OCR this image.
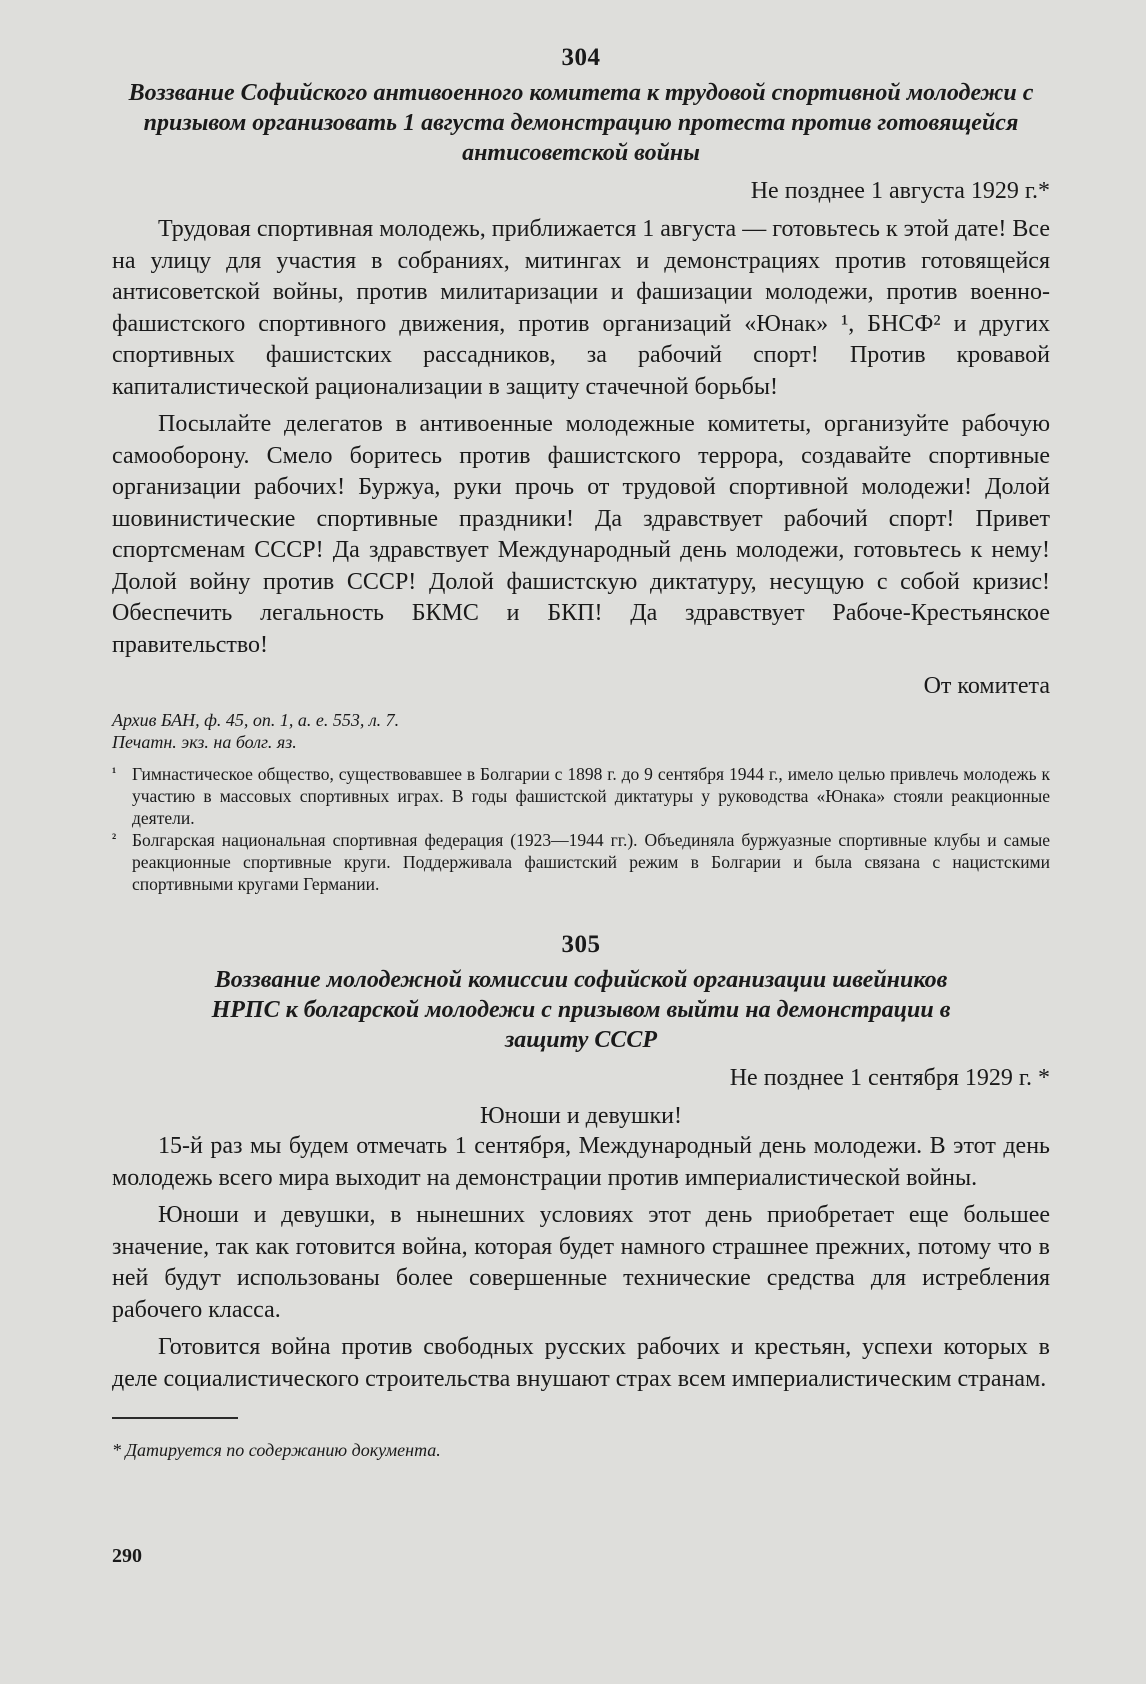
304

Воззвание Софийского антивоенного комитета к трудовой спортивной молодежи с призывом организовать 1 августа демонстрацию протеста против готовящейся антисоветской войны

Не позднее 1 августа 1929 г.*

Трудовая спортивная молодежь, приближается 1 августа — готовьтесь к этой дате! Все на улицу для участия в собраниях, митингах и демонстрациях против готовящейся антисоветской войны, против милитаризации и фашизации молодежи, против военно-фашистского спортивного движения, против организаций «Юнак» ¹, БНСФ² и других спортивных фашистских рассадников, за рабочий спорт! Против кровавой капиталистической рационализации в защиту стачечной борьбы!

Посылайте делегатов в антивоенные молодежные комитеты, организуйте рабочую самооборону. Смело боритесь против фашистского террора, создавайте спортивные организации рабочих! Буржуа, руки прочь от трудовой спортивной молодежи! Долой шовинистические спортивные праздники! Да здравствует рабочий спорт! Привет спортсменам СССР! Да здравствует Международный день молодежи, готовьтесь к нему! Долой войну против СССР! Долой фашистскую диктатуру, несущую с собой кризис! Обеспечить легальность БКМС и БКП! Да здравствует Рабоче-Крестьянское правительство!

От комитета

Архив БАН, ф. 45, оп. 1, а. е. 553, л. 7.

Печатн. экз. на болг. яз.

¹ Гимнастическое общество, существовавшее в Болгарии с 1898 г. до 9 сентября 1944 г., имело целью привлечь молодежь к участию в массовых спортивных играх. В годы фашистской диктатуры у руководства «Юнака» стояли реакционные деятели.

² Болгарская национальная спортивная федерация (1923—1944 гг.). Объединяла буржуазные спортивные клубы и самые реакционные спортивные круги. Поддерживала фашистский режим в Болгарии и была связана с нацистскими спортивными кругами Германии.

305

Воззвание молодежной комиссии софийской организации швейников НРПС к болгарской молодежи с призывом выйти на демонстрации в защиту СССР

Не позднее 1 сентября 1929 г. *
Юноши и девушки!

15-й раз мы будем отмечать 1 сентября, Международный день молодежи. В этот день молодежь всего мира выходит на демонстрации против империалистической войны.

Юноши и девушки, в нынешних условиях этот день приобретает еще большее значение, так как готовится война, которая будет намного страшнее прежних, потому что в ней будут использованы более совершенные технические средства для истребления рабочего класса.

Готовится война против свободных русских рабочих и крестьян, успехи которых в деле социалистического строительства внушают страх всем империалистическим странам.

* Датируется по содержанию документа.

290
